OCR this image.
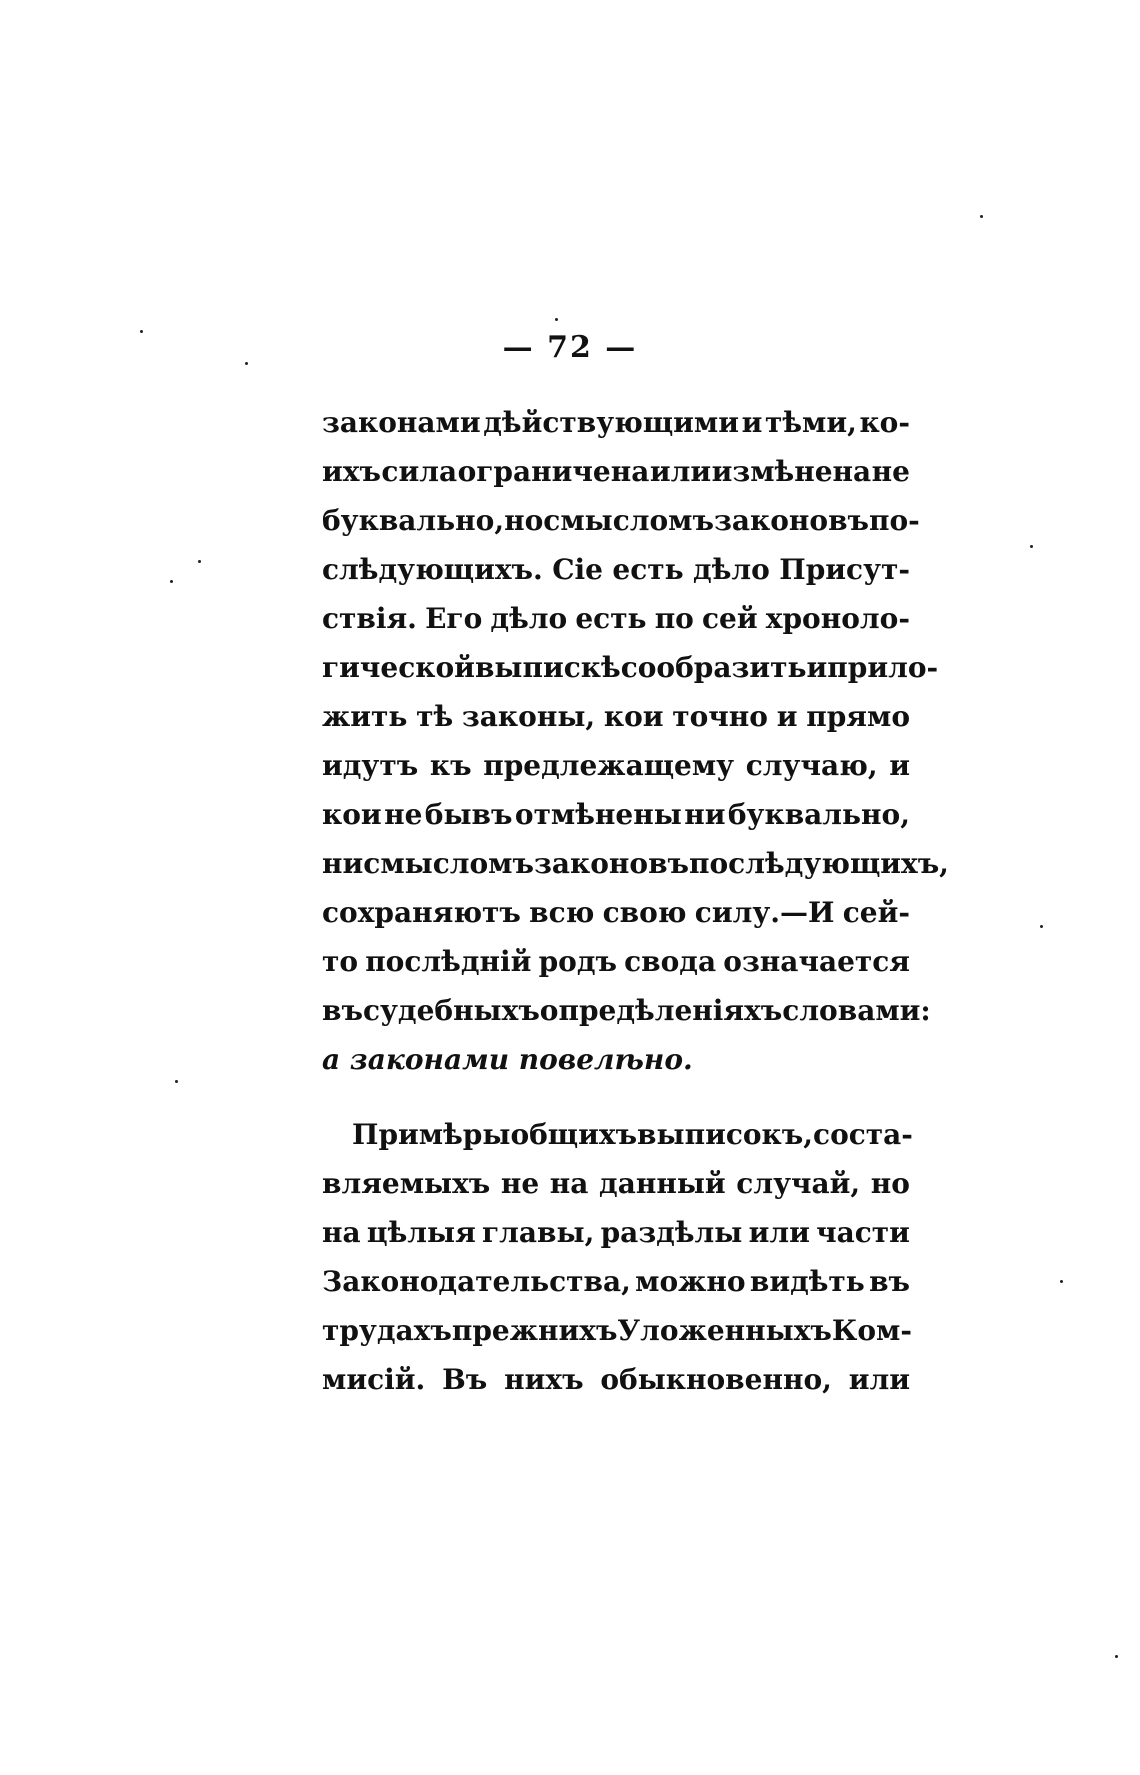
— 72 —
законами дѣйствующими и тѣми, ко-
ихъ сила ограничена или измѣнена не
буквально, но смысломъ законовъ по-
слѣдующихъ. Сіе есть дѣло Присут-
ствія. Его дѣло есть по сей хроноло-
гической выпискѣ сообразить и прило-
жить тѣ законы, кои точно и прямо
идутъ къ предлежащему случаю, и
кои не бывъ отмѣнены ни буквально,
ни смысломъ законовъ послѣдующихъ,
сохраняютъ всю свою силу.—И сей-
то послѣдній родъ свода означается
въ судебныхъ опредѣленіяхъ словами:
а законами повелѣно.
Примѣры общихъ выписокъ, соста-
вляемыхъ не на данный случай, но
на цѣлыя главы, раздѣлы или части
Законодательства, можно видѣть въ
трудахъ прежнихъ Уложенныхъ Ком-
мисій. Въ нихъ обыкновенно, или
